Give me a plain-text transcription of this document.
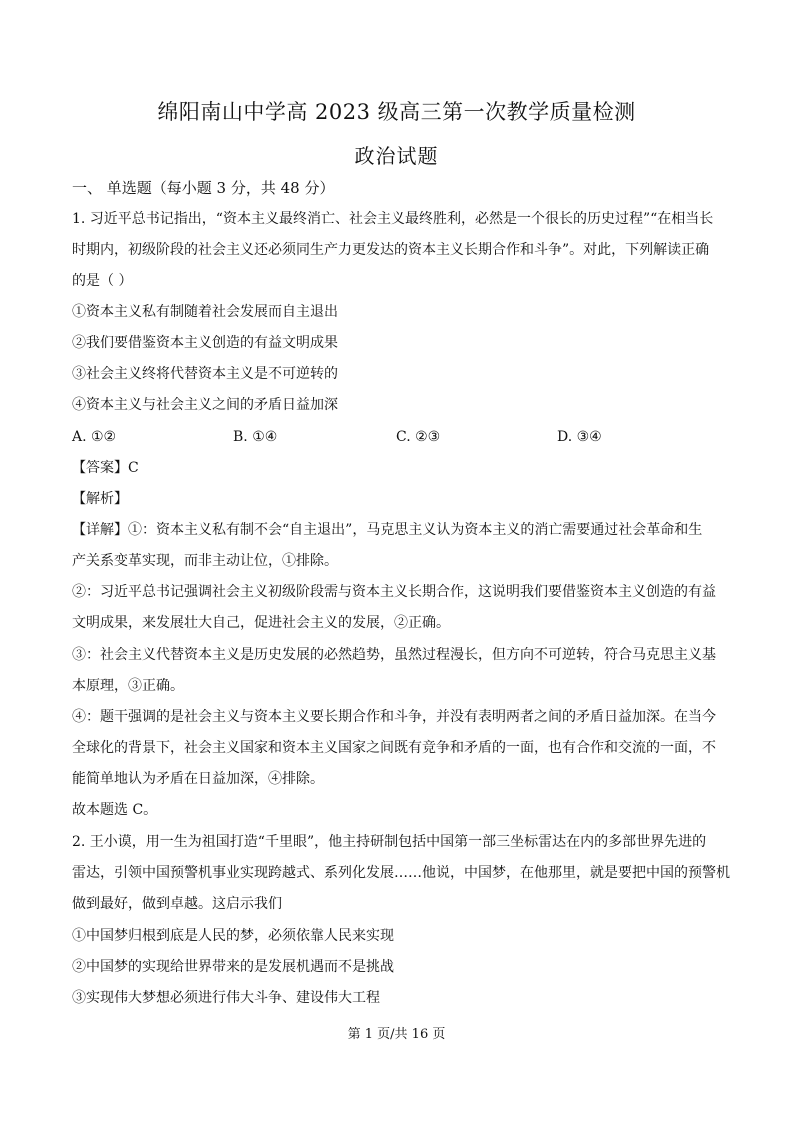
绵阳南山中学高 2023 级高三第一次教学质量检测
政治试题
一、 单选题（每小题 3 分，共 48 分）
1. 习近平总书记指出，“资本主义最终消亡、社会主义最终胜利，必然是一个很长的历史过程”“在相当长
时期内，初级阶段的社会主义还必须同生产力更发达的资本主义长期合作和斗争”。对此，下列解读正确
的是（ ）
①资本主义私有制随着社会发展而自主退出
②我们要借鉴资本主义创造的有益文明成果
③社会主义终将代替资本主义是不可逆转的
④资本主义与社会主义之间的矛盾日益加深
A. ①②	B. ①④	C. ②③	D. ③④
【答案】C
【解析】
【详解】①：资本主义私有制不会“自主退出”，马克思主义认为资本主义的消亡需要通过社会革命和生
产关系变革实现，而非主动让位，①排除。
②：习近平总书记强调社会主义初级阶段需与资本主义长期合作，这说明我们要借鉴资本主义创造的有益
文明成果，来发展壮大自己，促进社会主义的发展，②正确。
③：社会主义代替资本主义是历史发展的必然趋势，虽然过程漫长，但方向不可逆转，符合马克思主义基
本原理，③正确。
④：题干强调的是社会主义与资本主义要长期合作和斗争，并没有表明两者之间的矛盾日益加深。在当今
全球化的背景下，社会主义国家和资本主义国家之间既有竞争和矛盾的一面，也有合作和交流的一面，不
能简单地认为矛盾在日益加深，④排除。
故本题选 C。
2. 王小谟，用一生为祖国打造“千里眼”，他主持研制包括中国第一部三坐标雷达在内的多部世界先进的
雷达，引领中国预警机事业实现跨越式、系列化发展……他说，中国梦，在他那里，就是要把中国的预警机
做到最好，做到卓越。这启示我们
①中国梦归根到底是人民的梦，必须依靠人民来实现
②中国梦的实现给世界带来的是发展机遇而不是挑战
③实现伟大梦想必须进行伟大斗争、建设伟大工程
第 1 页/共 16 页
